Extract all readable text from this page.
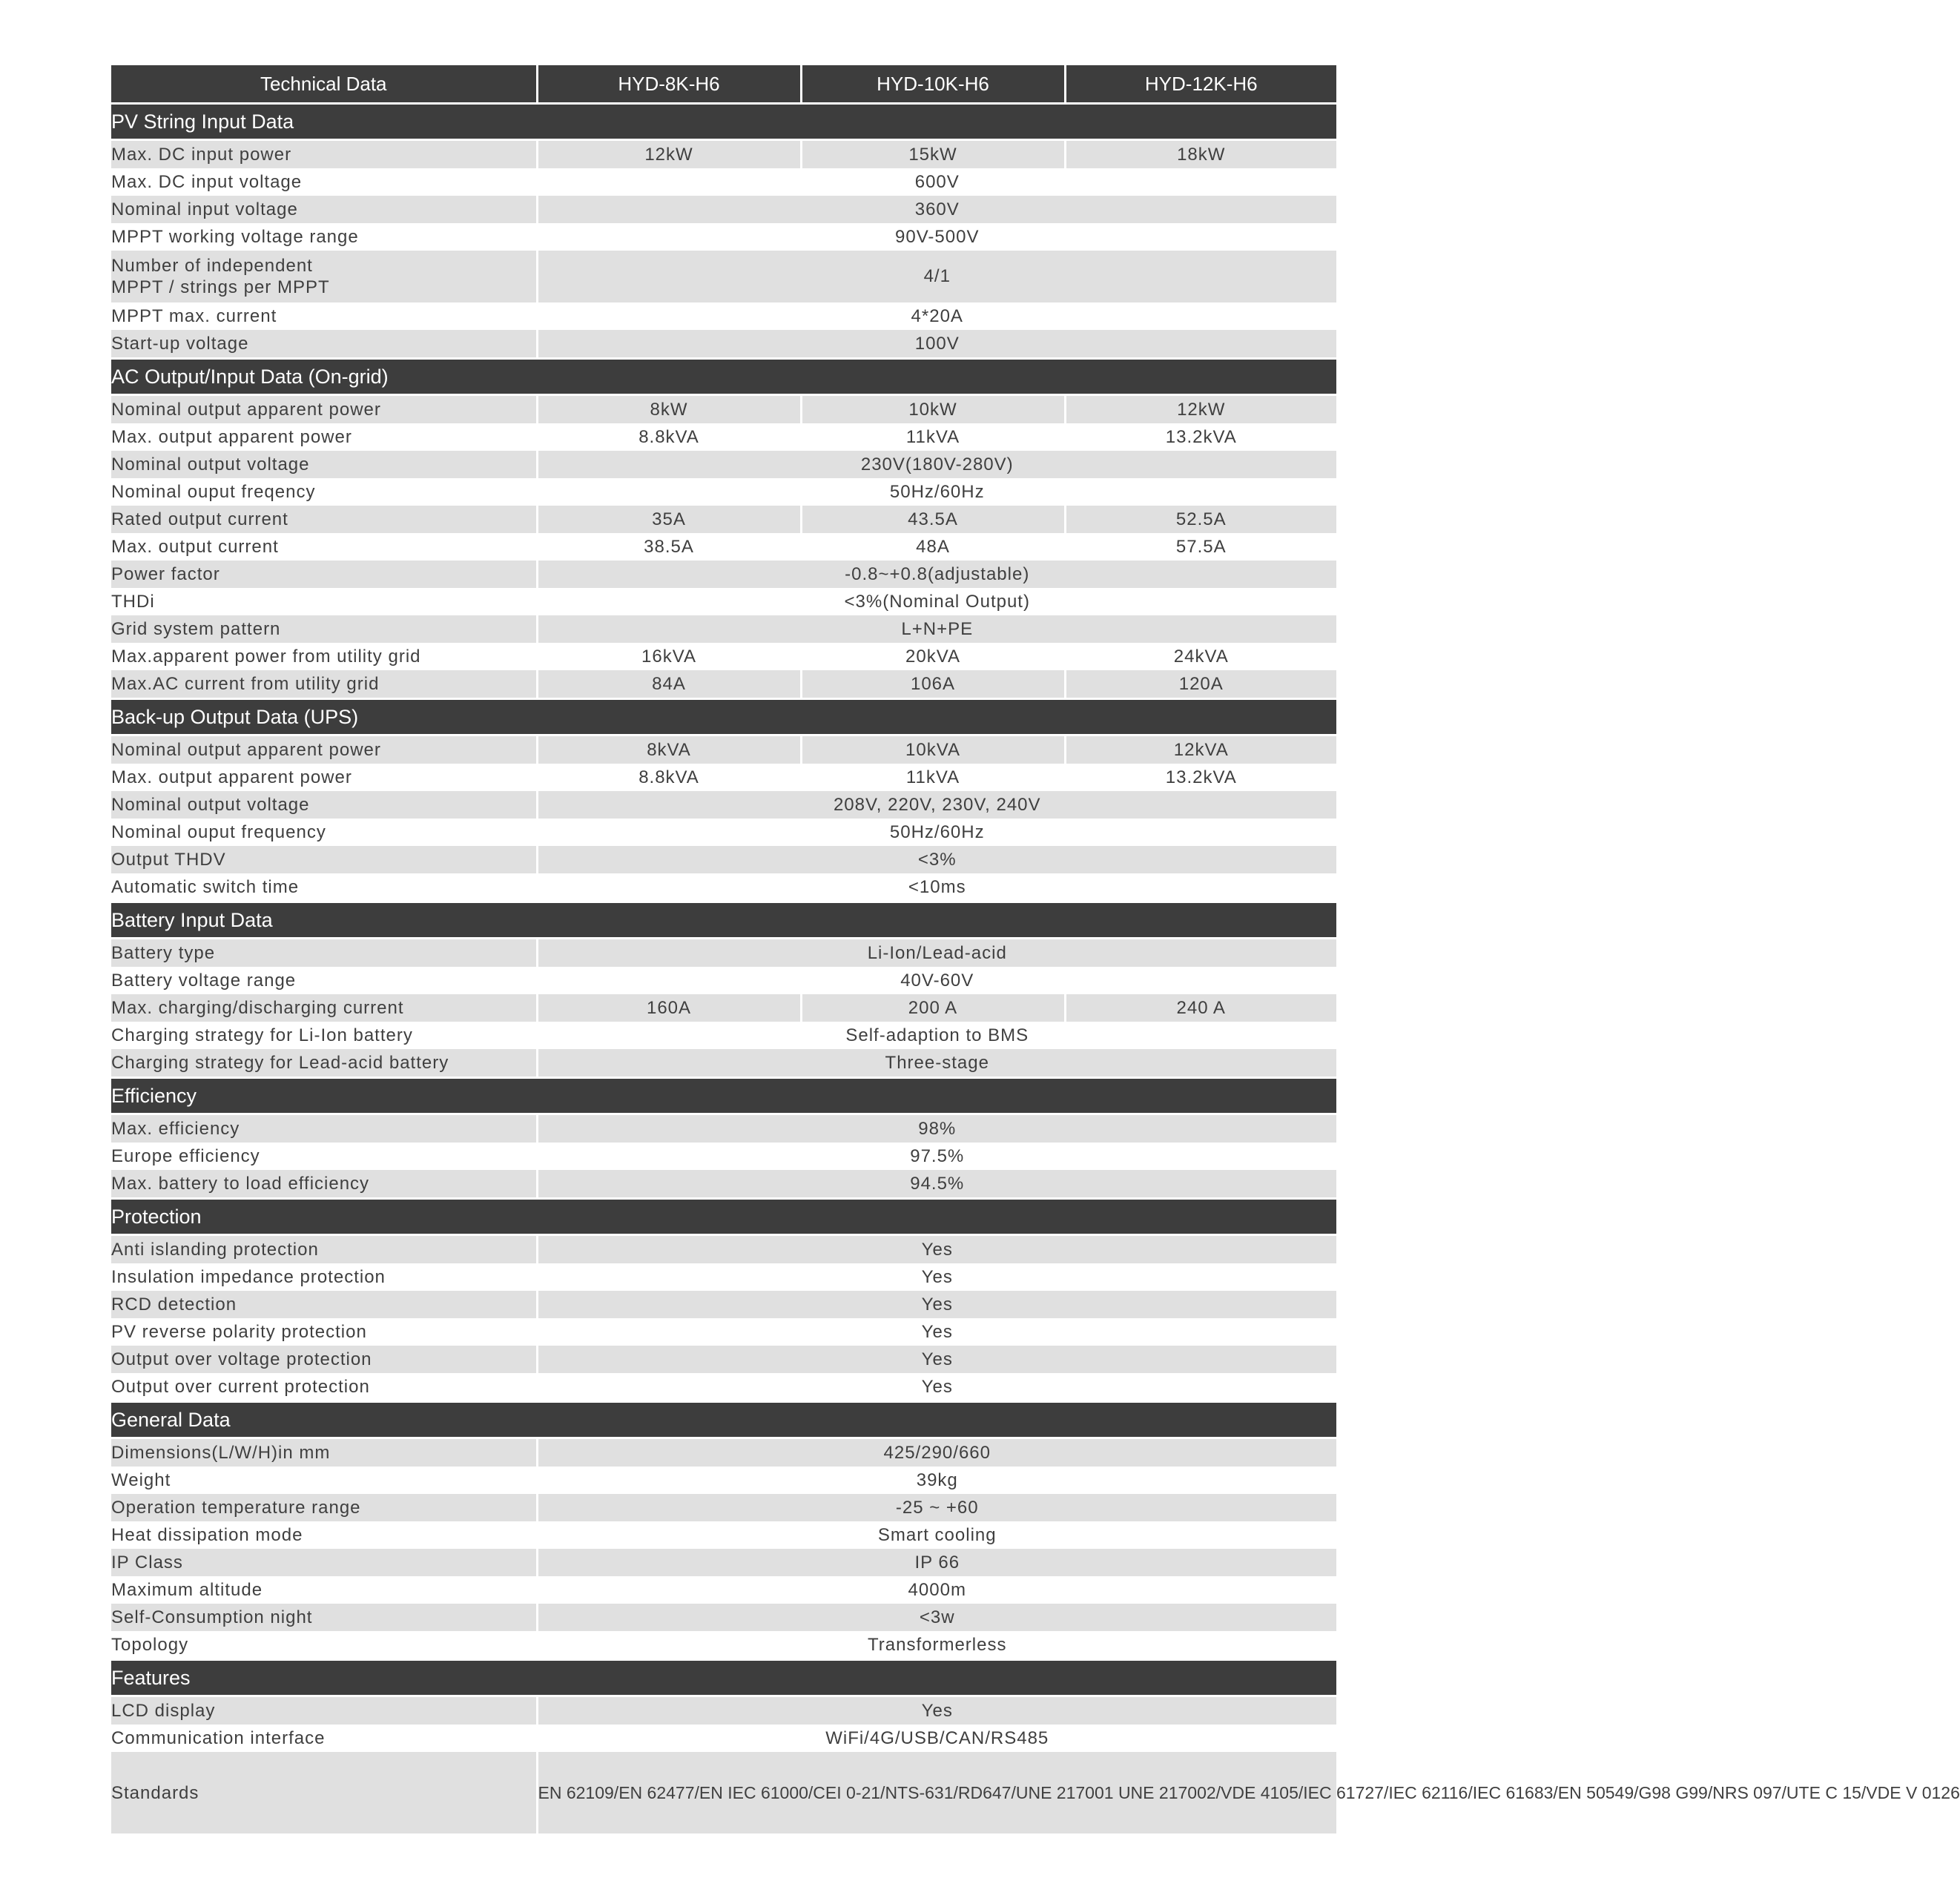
Technical Data	HYD-8K-H6	HYD-10K-H6	HYD-12K-H6
PV String Input Data			
Max. DC input power	12kW	15kW	18kW
Max. DC input voltage	600V		
Nominal input voltage	360V		
MPPT working voltage range	90V-500V		
Number of independent
MPPT / strings per MPPT	4/1		
MPPT max. current	4*20A		
Start-up voltage	100V		
AC Output/Input Data (On-grid)			
Nominal output apparent power	8kW	10kW	12kW
Max. output apparent power	8.8kVA	11kVA	13.2kVA
Nominal output voltage	230V(180V-280V)		
Nominal ouput freqency	50Hz/60Hz		
Rated output current	35A	43.5A	52.5A
Max. output current	38.5A	48A	57.5A
Power factor	-0.8~+0.8(adjustable)		
THDi	<3%(Nominal Output)		
Grid system pattern	L+N+PE		
Max.apparent power from utility grid	16kVA	20kVA	24kVA
Max.AC current from utility grid	84A	106A	120A
Back-up Output Data (UPS)			
Nominal output apparent power	8kVA	10kVA	12kVA
Max. output apparent power	8.8kVA	11kVA	13.2kVA
Nominal output voltage	208V, 220V, 230V, 240V		
Nominal ouput frequency	50Hz/60Hz		
Output THDV	<3%		
Automatic switch time	<10ms		
Battery Input Data			
Battery type	Li-Ion/Lead-acid		
Battery voltage range	40V-60V		
Max. charging/discharging current	160A	200 A	240 A
Charging strategy for Li-Ion battery	Self-adaption to BMS		
Charging strategy for Lead-acid battery	Three-stage		
Efficiency			
Max. efficiency	98%		
Europe efficiency	97.5%		
Max. battery to load efficiency	94.5%		
Protection			
Anti islanding protection	Yes		
Insulation impedance protection	Yes		
RCD detection	Yes		
PV reverse polarity protection	Yes		
Output over voltage protection	Yes		
Output over current protection	Yes		
General Data			
Dimensions(L/W/H)in mm	425/290/660		
Weight	39kg		
Operation temperature range	-25 ~ +60		
Heat dissipation mode	Smart cooling		
IP Class	IP 66		
Maximum altitude	4000m		
Self-Consumption night	<3w		
Topology	Transformerless		
Features			
LCD display	Yes		
Communication interface	WiFi/4G/USB/CAN/RS485		
Standards	EN 62109/EN 62477/EN IEC 61000/CEI 0-21/NTS-631/RD647/UNE 217001 UNE 217002/VDE 4105/IEC 61727/IEC 62116/IEC 61683/EN 50549/G98 G99/NRS 097/UTE C 15/VDE V 0126		
